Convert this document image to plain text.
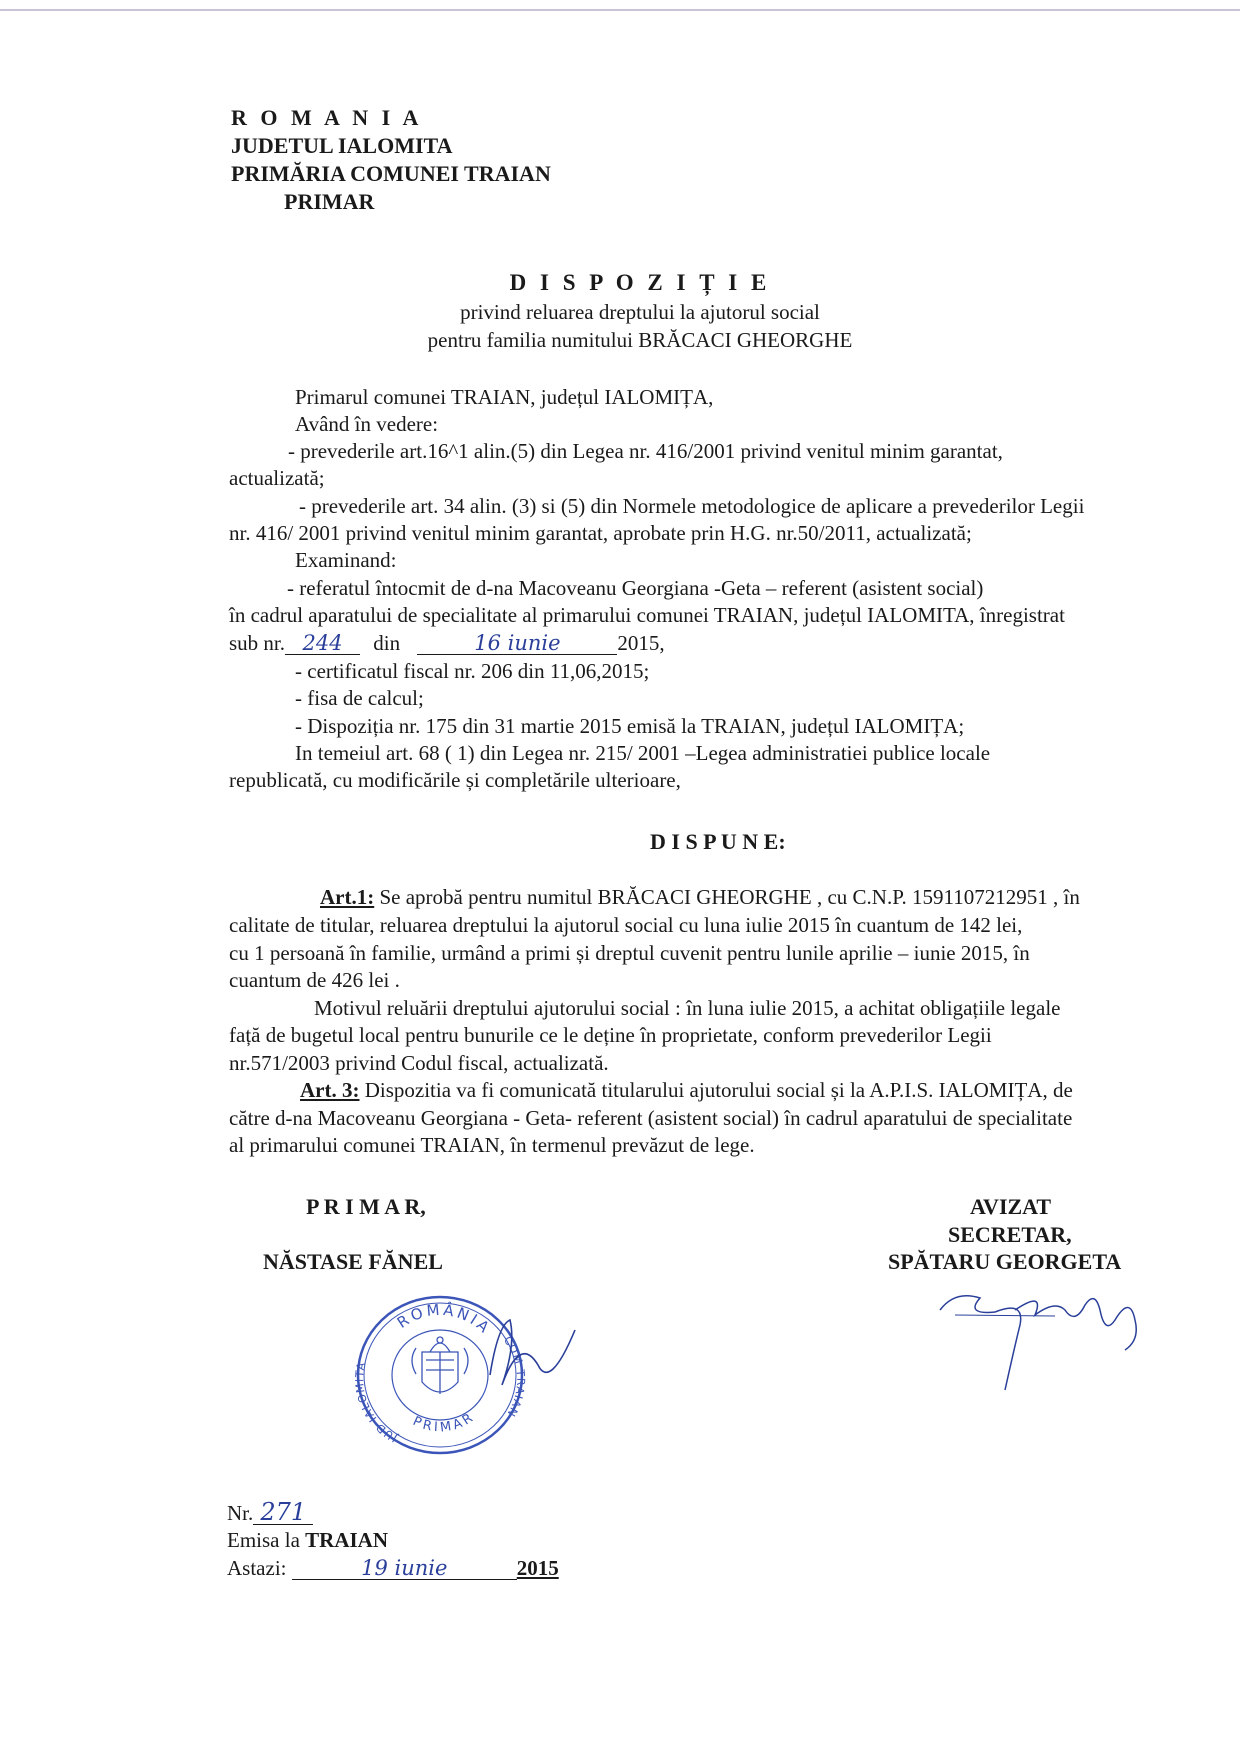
R O M A N I A
JUDETUL IALOMITA
PRIMĂRIA COMUNEI TRAIAN
PRIMAR
D I S P O Z I Ț I E
privind reluarea dreptului la ajutorul social
pentru familia numitului BRĂCACI GHEORGHE
Primarul comunei TRAIAN, județul IALOMIȚA,
Având în vedere:
- prevederile art.16^1 alin.(5) din Legea nr. 416/2001 privind venitul minim garantat,
actualizată;
- prevederile art. 34 alin. (3) si (5) din Normele metodologice de aplicare a prevederilor Legii
nr. 416/ 2001 privind venitul minim garantat, aprobate prin H.G. nr.50/2011, actualizată;
Examinand:
- referatul întocmit de d-na Macoveanu Georgiana -Geta – referent (asistent social)
în cadrul aparatului de specialitate al primarului comunei TRAIAN, județul IALOMITA, înregistrat
sub nr. 244 din	16 iunie	2015,
- certificatul fiscal nr. 206 din 11,06,2015;
- fisa de calcul;
- Dispoziția nr. 175 din 31 martie 2015 emisă la TRAIAN, județul IALOMIȚA;
In temeiul art. 68 ( 1) din Legea nr. 215/ 2001 –Legea administratiei publice locale
republicată, cu modificările și completările ulterioare,
D I S P U N E:
Art.1: Se aprobă pentru numitul BRĂCACI GHEORGHE , cu C.N.P. 1591107212951 , în
calitate de titular, reluarea dreptului la ajutorul social cu luna iulie 2015 în cuantum de 142 lei,
cu 1 persoană în familie, urmând a primi și dreptul cuvenit pentru lunile aprilie – iunie 2015, în
cuantum de 426 lei .
Motivul reluării dreptului ajutorului social : în luna iulie 2015, a achitat obligațiile legale
față de bugetul local pentru bunurile ce le deține în proprietate, conform prevederilor Legii
nr.571/2003 privind Codul fiscal, actualizată.
Art. 3: Dispozitia va fi comunicată titularului ajutorului social și la A.P.I.S. IALOMIȚA, de
către d-na Macoveanu Georgiana - Geta- referent (asistent social) în cadrul aparatului de specialitate
al primarului comunei TRAIAN, în termenul prevăzut de lege.
P R I M A R,
NĂSTASE FĂNEL
AVIZAT
SECRETAR,
SPĂTARU GEORGETA
ROMÂNIA
JUD IALOMITA
COM TRAIAN
PRIMAR
Nr. 271
Emisa la TRAIAN
Astazi:	19 iunie	2015
